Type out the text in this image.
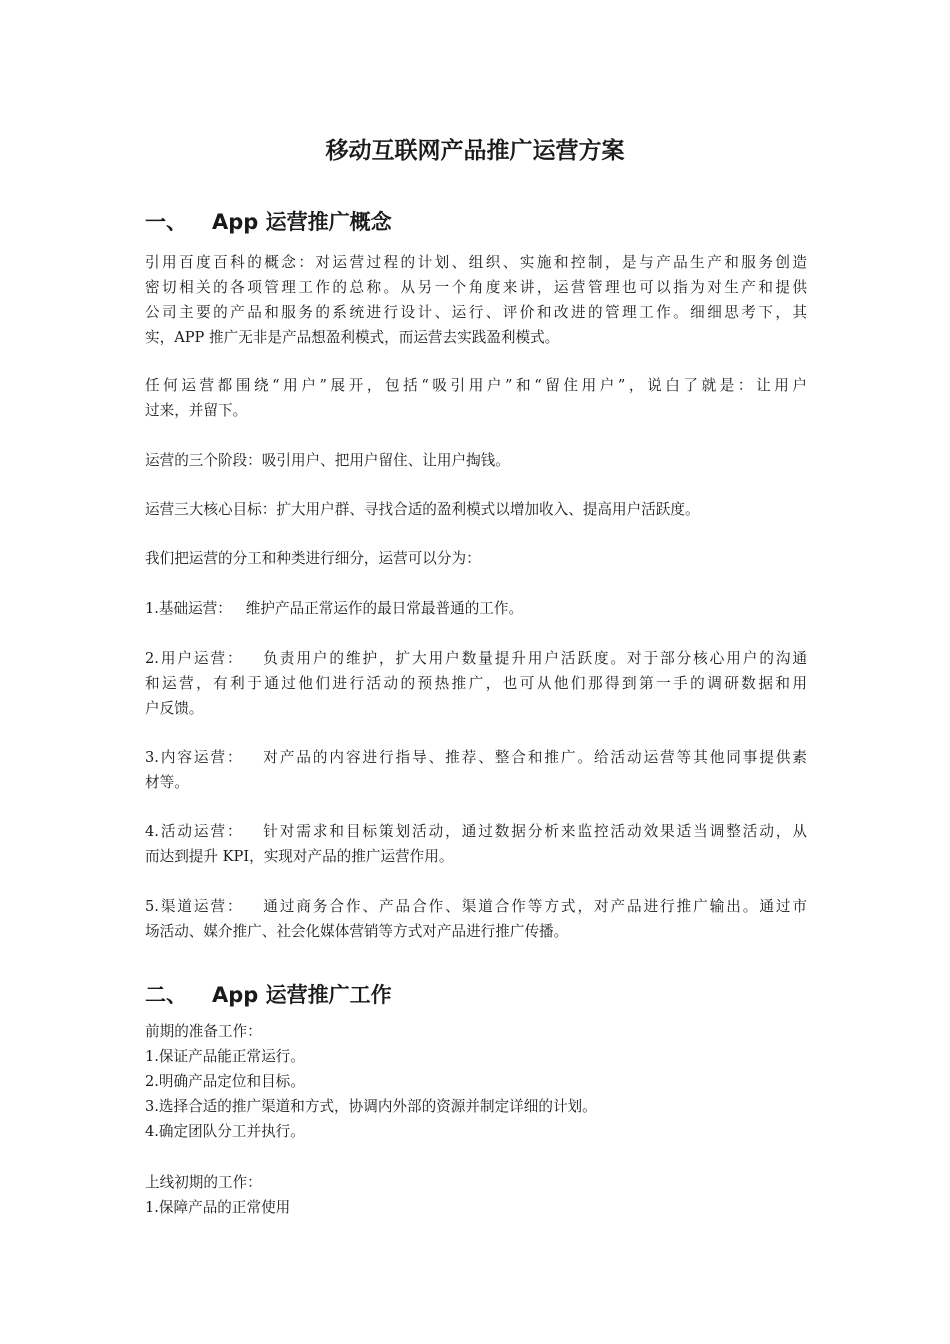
移动互联网产品推广运营方案
一、 App 运营推广概念
引用百度百科的概念：对运营过程的计划、组织、实施和控制，是与产品生产和服务创造
密切相关的各项管理工作的总称。从另一个角度来讲，运营管理也可以指为对生产和提供
公司主要的产品和服务的系统进行设计、运行、评价和改进的管理工作。细细思考下，其
实，APP 推广无非是产品想盈利模式，而运营去实践盈利模式。
任何运营都围绕“用户”展开，包括“吸引用户”和“留住用户”，说白了就是：让用户
过来，并留下。
运营的三个阶段：吸引用户、把用户留住、让用户掏钱。
运营三大核心目标：扩大用户群、寻找合适的盈利模式以增加收入、提高用户活跃度。
我们把运营的分工和种类进行细分，运营可以分为：
1.基础运营：   维护产品正常运作的最日常最普通的工作。
2.用户运营：   负责用户的维护，扩大用户数量提升用户活跃度。对于部分核心用户的沟通
和运营，有利于通过他们进行活动的预热推广，也可从他们那得到第一手的调研数据和用
户反馈。
3.内容运营：   对产品的内容进行指导、推荐、整合和推广。给活动运营等其他同事提供素
材等。
4.活动运营：   针对需求和目标策划活动，通过数据分析来监控活动效果适当调整活动，从
而达到提升 KPI，实现对产品的推广运营作用。
5.渠道运营：   通过商务合作、产品合作、渠道合作等方式，对产品进行推广输出。通过市
场活动、媒介推广、社会化媒体营销等方式对产品进行推广传播。
二、 App 运营推广工作
前期的准备工作：
1.保证产品能正常运行。
2.明确产品定位和目标。
3.选择合适的推广渠道和方式，协调内外部的资源并制定详细的计划。
4.确定团队分工并执行。
上线初期的工作：
1.保障产品的正常使用
